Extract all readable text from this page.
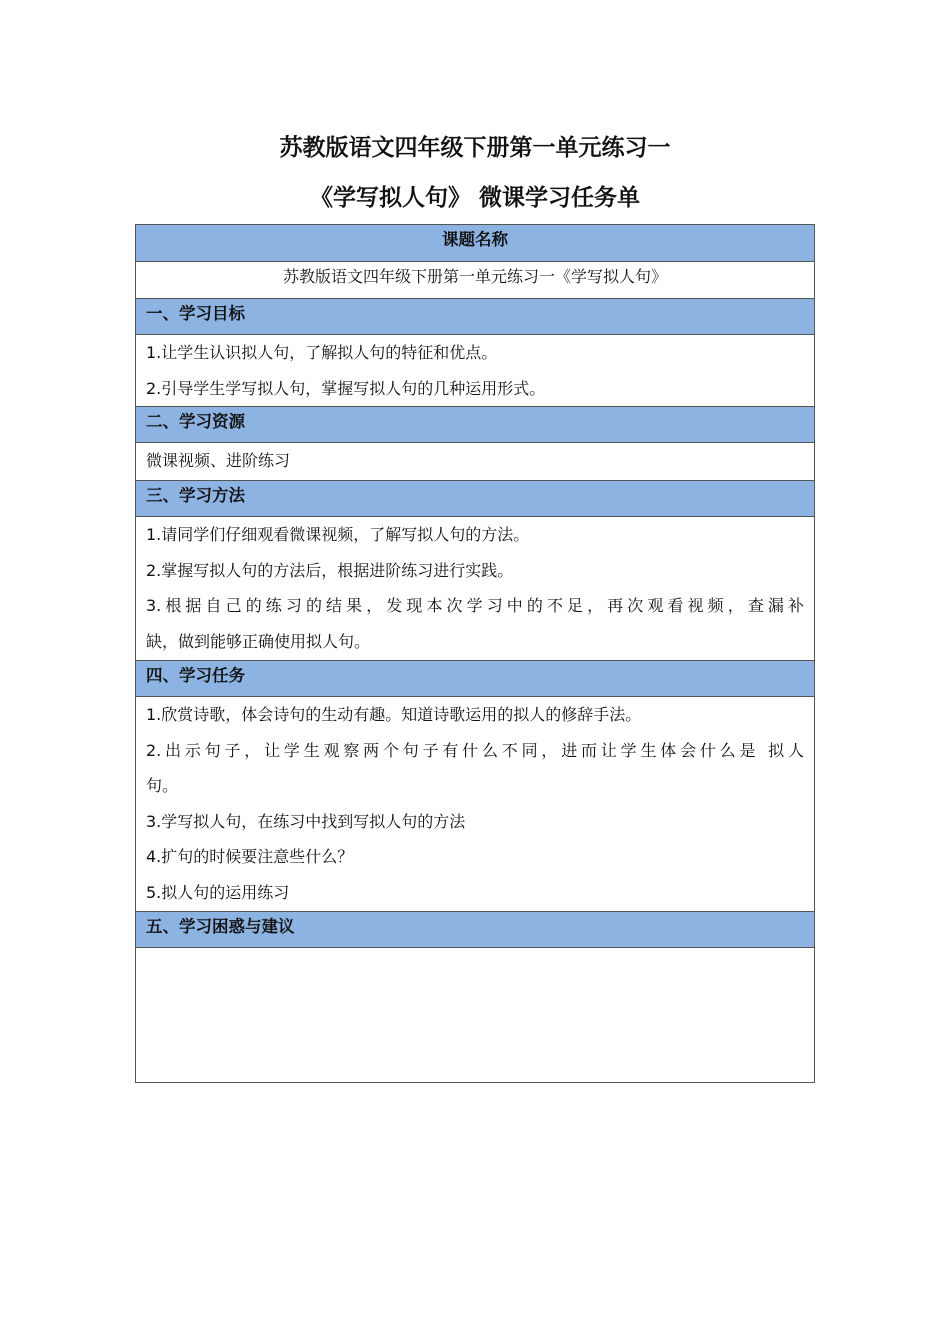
苏教版语文四年级下册第一单元练习一
《学写拟人句》 微课学习任务单
课题名称
苏教版语文四年级下册第一单元练习一《学写拟人句》
一、学习目标
1.让学生认识拟人句，了解拟人句的特征和优点。
2.引导学生学写拟人句，掌握写拟人句的几种运用形式。
二、学习资源
微课视频、进阶练习
三、学习方法
1.请同学们仔细观看微课视频，了解写拟人句的方法。
2.掌握写拟人句的方法后，根据进阶练习进行实践。
3.根据自己的练习的结果，发现本次学习中的不足，再次观看视频，查漏补
缺，做到能够正确使用拟人句。
四、学习任务
1.欣赏诗歌，体会诗句的生动有趣。知道诗歌运用的拟人的修辞手法。
2.出示句子，让学生观察两个句子有什么不同，进而让学生体会什么是 拟人
句。
3.学写拟人句，在练习中找到写拟人句的方法
4.扩句的时候要注意些什么？
5.拟人句的运用练习
五、学习困惑与建议
